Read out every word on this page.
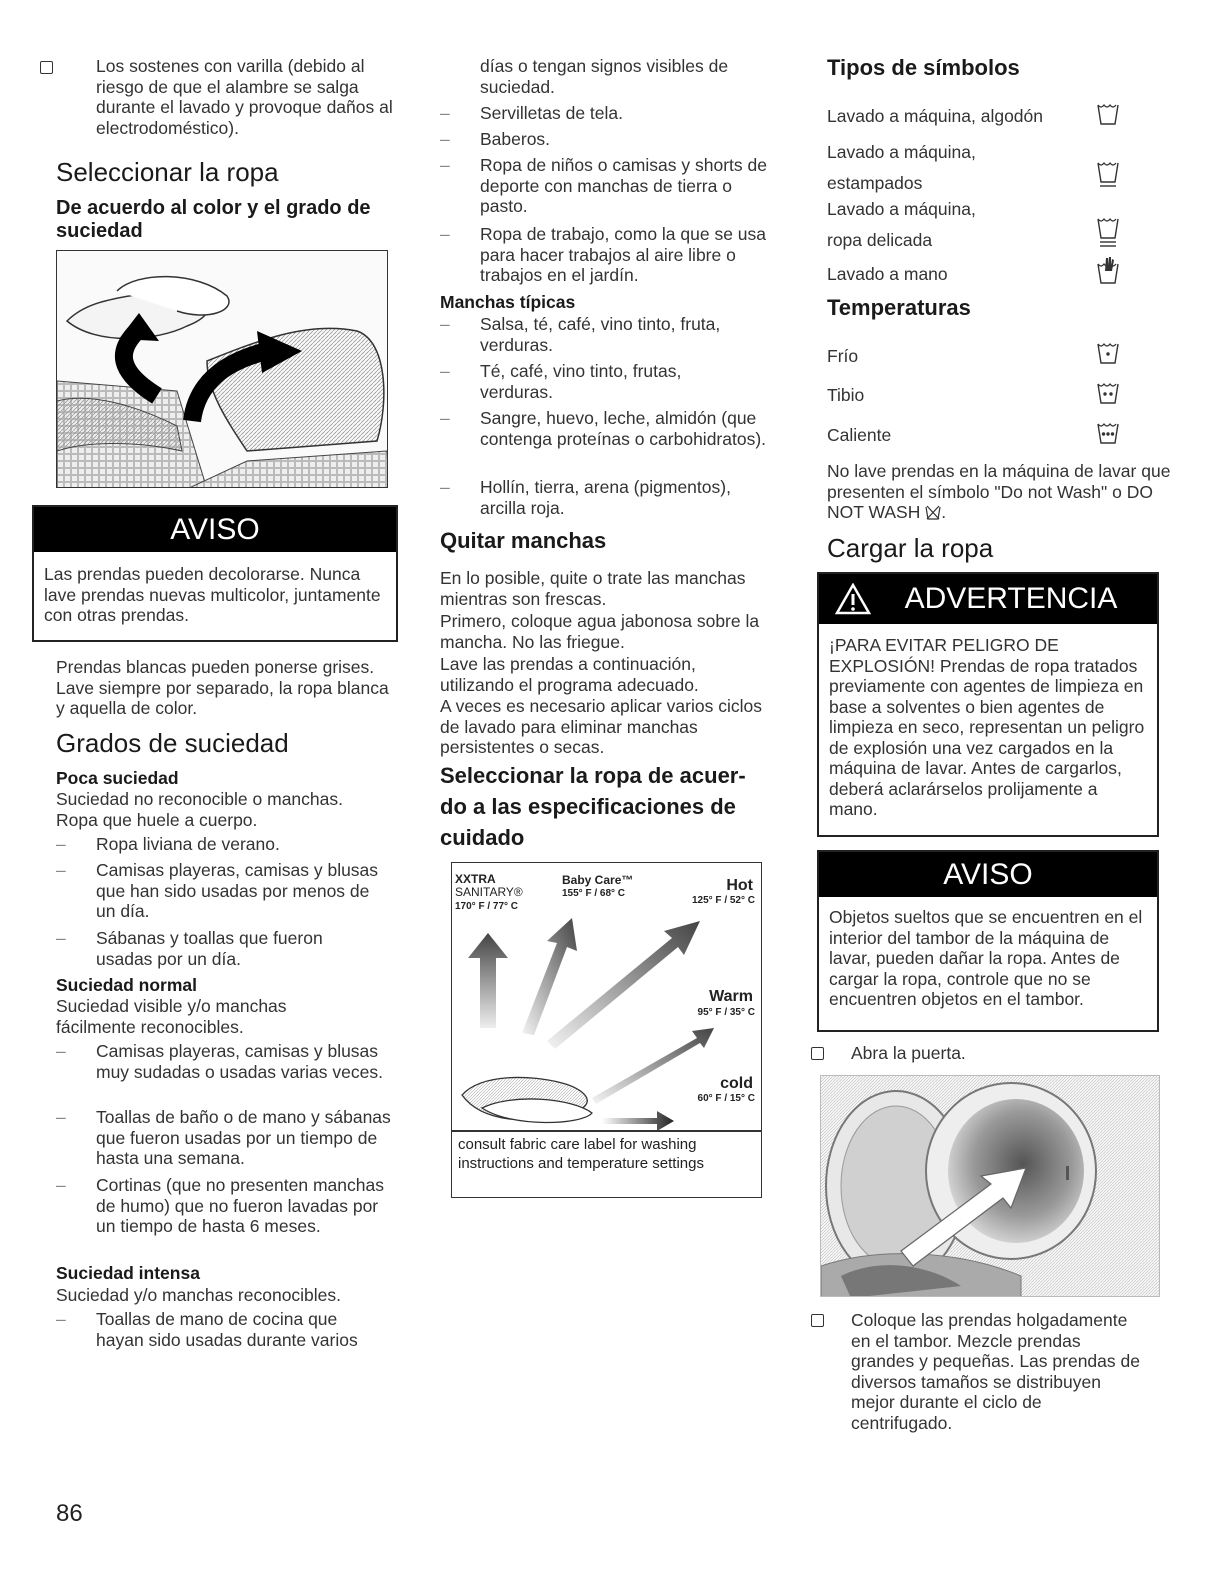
Los sostenes con varilla (debido al riesgo de que el alambre se salga durante el lavado y provoque daños al electrodoméstico).

Seleccionar la ropa

De acuerdo al color y el grado de suciedad

AVISO

Las prendas pueden decolorarse. Nunca lave prendas nuevas multicolor, juntamente con otras prendas.

Prendas blancas pueden ponerse grises. Lave siempre por separado, la ropa blanca y aquella de color.

Grados de suciedad

Poca suciedad

Suciedad no reconocible o manchas. Ropa que huele a cuerpo.

–
Ropa liviana de verano.
–
Camisas playeras, camisas y blusas que han sido usadas por menos de un día.
–
Sábanas y toallas que fueron usadas por un día.

Suciedad normal

Suciedad visible y/o manchas fácilmente reconocibles.

–
Camisas playeras, camisas y blusas muy sudadas o usadas varias veces.
–
Toallas de baño o de mano y sábanas que fueron usadas por un tiempo de hasta una semana.
–
Cortinas (que no presenten manchas de humo) que no fueron lavadas por un tiempo de hasta 6 meses.

Suciedad intensa

Suciedad y/o manchas reconocibles.

–
Toallas de mano de cocina que hayan sido usadas durante varios

86

días o tengan signos visibles de suciedad.

–
Servilletas de tela.
–
Baberos.
–
Ropa de niños o camisas y shorts de deporte con manchas de tierra o pasto.
–
Ropa de trabajo, como la que se usa para hacer trabajos al aire libre o trabajos en el jardín.

Manchas típicas

–
Salsa, té, café, vino tinto, fruta, verduras.
–
Té, café, vino tinto, frutas, verduras.
–
Sangre, huevo, leche, almidón (que contenga proteínas o carbohidratos).
–
Hollín, tierra, arena (pigmentos), arcilla roja.

Quitar manchas

En lo posible, quite o trate las manchas mientras son frescas.

Primero, coloque agua jabonosa sobre la mancha. No las friegue.

Lave las prendas a continuación, utilizando el programa adecuado.

A veces es necesario aplicar varios ciclos de lavado para eliminar manchas persistentes o secas.

Seleccionar la ropa de acuer-do a las especificaciones de cuidado

XXTRA
SANITARY®
170° F / 77° C
Baby Care™
155° F / 68° C	Hot
125° F / 52° C
Warm
95° F / 35° C
cold
60° F / 15° C
consult fabric care label for washing instructions and temperature settings

Tipos de símbolos

Lavado a máquina, algodón
Lavado a máquina, estampados
Lavado a máquina, ropa delicada
Lavado a mano

Temperaturas

Frío
Tibio
Caliente

No lave prendas en la máquina de lavar que presenten el símbolo "Do not Wash" o DO NOT WASH .

Cargar la ropa

ADVERTENCIA

¡PARA EVITAR PELIGRO DE EXPLOSIÓN! Prendas de ropa tratados previamente con agentes de limpieza en base a solventes o bien agentes de limpieza en seco, representan un peligro de explosión una vez cargados en la máquina de lavar. Antes de cargarlos, deberá aclarárselos prolijamente a mano.

AVISO

Objetos sueltos que se encuentren en el interior del tambor de la máquina de lavar, pueden dañar la ropa. Antes de cargar la ropa, controle que no se encuentren objetos en el tambor.

Abra la puerta.
Coloque las prendas holgadamente en el tambor. Mezcle prendas grandes y pequeñas. Las prendas de diversos tamaños se distribuyen mejor durante el ciclo de centrifugado.
